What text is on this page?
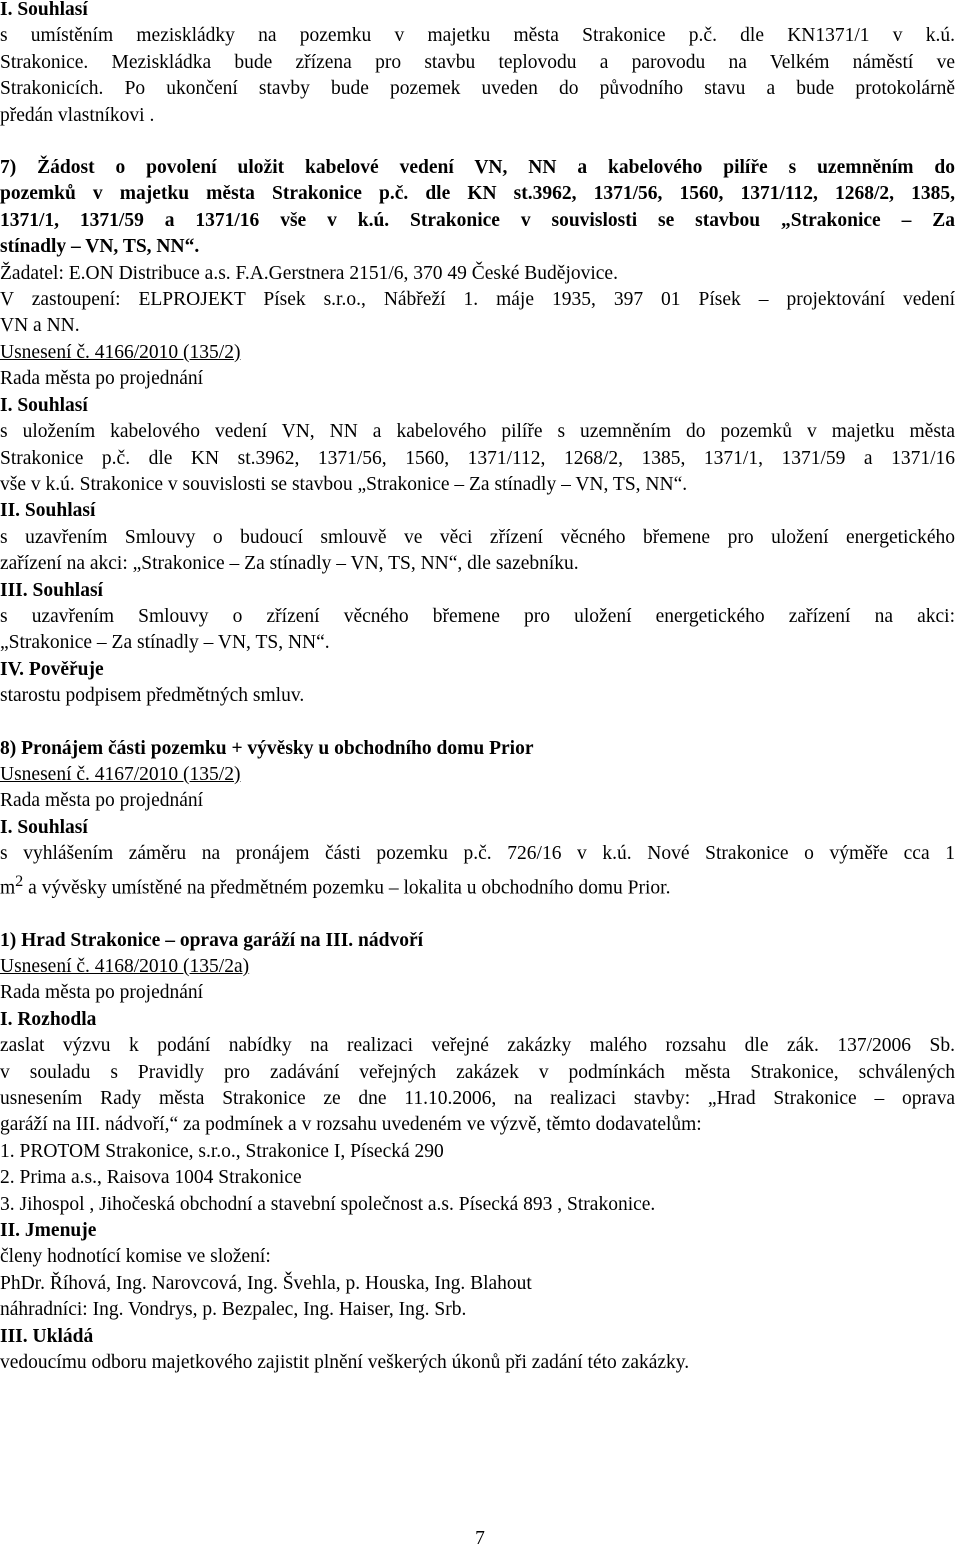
I. Souhlasí
s umístěním meziskládky na pozemku v majetku města Strakonice p.č. dle KN1371/1 v k.ú.
Strakonice. Meziskládka bude zřízena pro stavbu teplovodu a parovodu na Velkém náměstí ve
Strakonicích. Po ukončení stavby bude pozemek uveden do původního stavu a bude protokolárně
předán vlastníkovi .
7) Žádost o povolení uložit kabelové vedení VN, NN a kabelového pilíře s uzemněním do
pozemků v majetku města Strakonice p.č. dle KN st.3962, 1371/56, 1560, 1371/112, 1268/2, 1385,
1371/1, 1371/59 a 1371/16 vše v k.ú. Strakonice v souvislosti se stavbou „Strakonice – Za
stínadly – VN, TS, NN“.
Žadatel: E.ON Distribuce a.s. F.A.Gerstnera 2151/6, 370 49 České Budějovice.
V zastoupení: ELPROJEKT Písek s.r.o., Nábřeží 1. máje 1935, 397 01 Písek – projektování vedení
VN a NN.
Usnesení č. 4166/2010 (135/2)
Rada města po projednání
I. Souhlasí
s uložením kabelového vedení VN, NN a kabelového pilíře s uzemněním do pozemků v majetku města
Strakonice p.č. dle KN st.3962, 1371/56, 1560, 1371/112, 1268/2, 1385, 1371/1, 1371/59 a 1371/16
vše v k.ú. Strakonice v souvislosti se stavbou „Strakonice – Za stínadly – VN, TS, NN“.
II. Souhlasí
s uzavřením Smlouvy o budoucí smlouvě ve věci zřízení věcného břemene pro uložení energetického
zařízení na akci: „Strakonice – Za stínadly – VN, TS, NN“, dle sazebníku.
III. Souhlasí
s uzavřením Smlouvy o zřízení věcného břemene pro uložení energetického zařízení na akci:
„Strakonice – Za stínadly – VN, TS, NN“.
IV. Pověřuje
starostu podpisem předmětných smluv.
8) Pronájem části pozemku + vývěsky u obchodního domu Prior
Usnesení č. 4167/2010 (135/2)
Rada města po projednání
I. Souhlasí
s vyhlášením záměru na pronájem části pozemku p.č. 726/16 v k.ú. Nové Strakonice o výměře cca 1
$m^2$ a vývěsky umístěné na předmětném pozemku – lokalita u obchodního domu Prior.
1) Hrad Strakonice – oprava garáží na III. nádvoří
Usnesení č. 4168/2010 (135/2a)
Rada města po projednání
I. Rozhodla
zaslat výzvu k podání nabídky na realizaci veřejné zakázky malého rozsahu dle zák. 137/2006 Sb.
v souladu s Pravidly pro zadávání veřejných zakázek v podmínkách města Strakonice, schválených
usnesením Rady města Strakonice ze dne 11.10.2006, na realizaci stavby: „Hrad Strakonice – oprava
garáží na III. nádvoří,“ za podmínek a v rozsahu uvedeném ve výzvě, těmto dodavatelům:
1. PROTOM Strakonice, s.r.o., Strakonice I, Písecká 290
2. Prima a.s., Raisova 1004 Strakonice
3. Jihospol , Jihočeská obchodní a stavební společnost a.s. Písecká 893 , Strakonice.
II. Jmenuje
členy hodnotící komise ve složení:
PhDr. Říhová, Ing. Narovcová, Ing. Švehla, p. Houska, Ing. Blahout
náhradníci: Ing. Vondrys, p. Bezpalec, Ing. Haiser, Ing. Srb.
III. Ukládá
vedoucímu odboru majetkového zajistit plnění veškerých úkonů při zadání této zakázky.
7
